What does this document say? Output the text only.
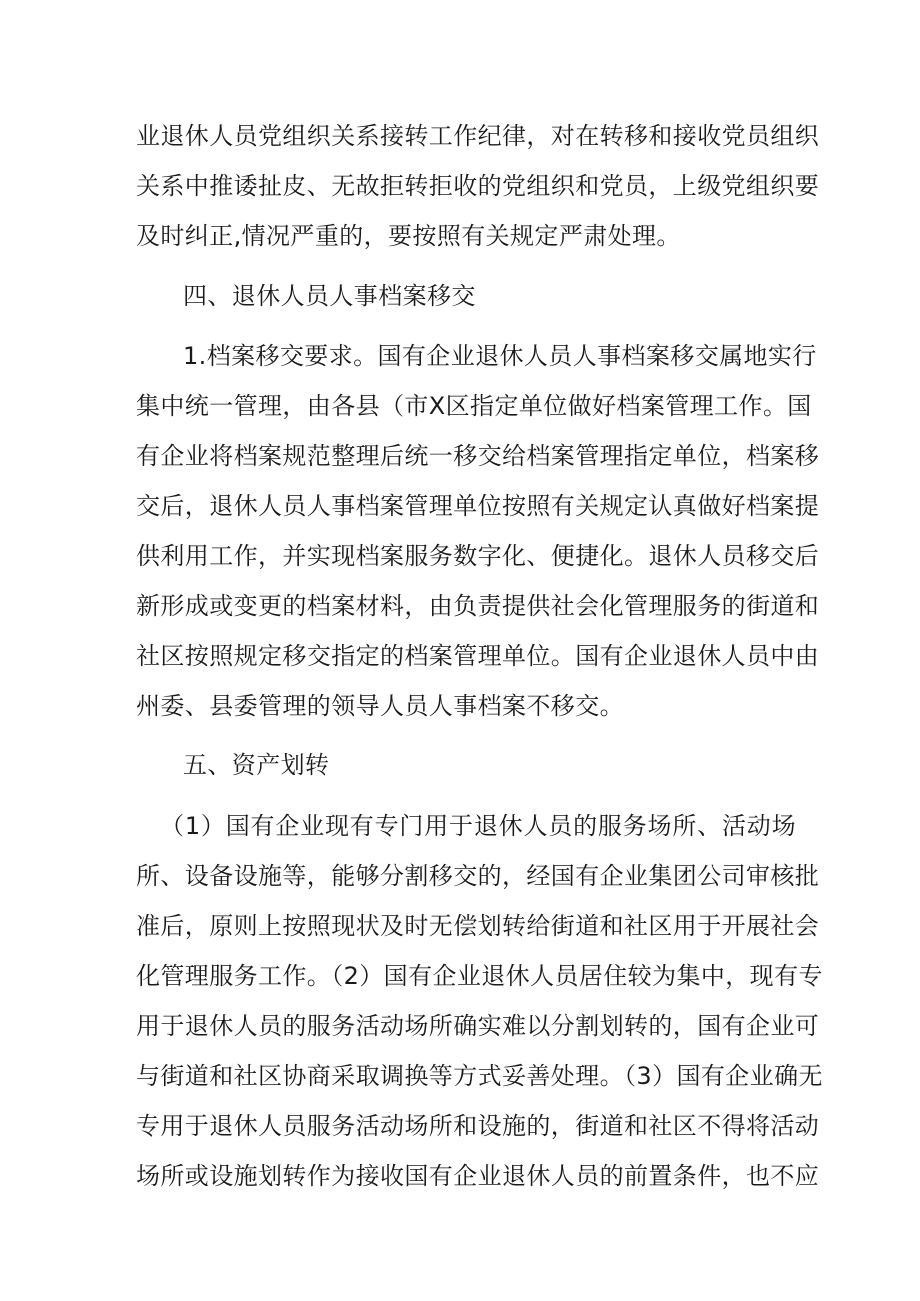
业退休人员党组织关系接转工作纪律，对在转移和接收党员组织
关系中推诿扯皮、无故拒转拒收的党组织和党员，上级党组织要
及时纠正,情况严重的，要按照有关规定严肃处理。
四、退休人员人事档案移交
1.档案移交要求。国有企业退休人员人事档案移交属地实行
集中统一管理，由各县（市X区指定单位做好档案管理工作。国
有企业将档案规范整理后统一移交给档案管理指定单位，档案移
交后，退休人员人事档案管理单位按照有关规定认真做好档案提
供利用工作，并实现档案服务数字化、便捷化。退休人员移交后
新形成或变更的档案材料，由负责提供社会化管理服务的街道和
社区按照规定移交指定的档案管理单位。国有企业退休人员中由
州委、县委管理的领导人员人事档案不移交。
五、资产划转
（1）国有企业现有专门用于退休人员的服务场所、活动场
所、设备设施等，能够分割移交的，经国有企业集团公司审核批
准后，原则上按照现状及时无偿划转给街道和社区用于开展社会
化管理服务工作。（2）国有企业退休人员居住较为集中，现有专
用于退休人员的服务活动场所确实难以分割划转的，国有企业可
与街道和社区协商采取调换等方式妥善处理。（3）国有企业确无
专用于退休人员服务活动场所和设施的，街道和社区不得将活动
场所或设施划转作为接收国有企业退休人员的前置条件，也不应
